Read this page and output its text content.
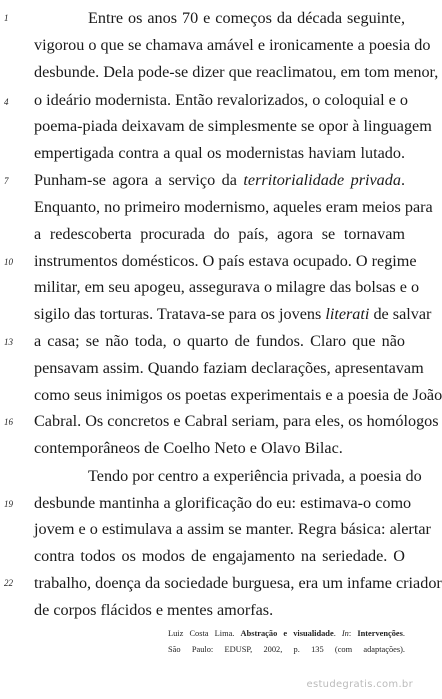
1
4
7
10
13
16
19
22
Entre os anos 70 e começos da década seguinte,
vigorou o que se chamava amável e ironicamente a poesia do
desbunde. Dela pode-se dizer que reaclimatou, em tom menor,
o ideário modernista. Então revalorizados, o coloquial e o
poema-piada deixavam de simplesmente se opor à linguagem
empertigada contra a qual os modernistas haviam lutado.
Punham-se agora a serviço da territorialidade privada.
Enquanto, no primeiro modernismo, aqueles eram meios para
a redescoberta procurada do país, agora se tornavam
instrumentos domésticos. O país estava ocupado. O regime
militar, em seu apogeu, assegurava o milagre das bolsas e o
sigilo das torturas. Tratava-se para os jovens literati de salvar
a casa; se não toda, o quarto de fundos. Claro que não
pensavam assim. Quando faziam declarações, apresentavam
como seus inimigos os poetas experimentais e a poesia de João
Cabral. Os concretos e Cabral seriam, para eles, os homólogos
contemporâneos de Coelho Neto e Olavo Bilac.
Tendo por centro a experiência privada, a poesia do
desbunde mantinha a glorificação do eu: estimava-o como
jovem e o estimulava a assim se manter. Regra básica: alertar
contra todos os modos de engajamento na seriedade. O
trabalho, doença da sociedade burguesa, era um infame criador
de corpos flácidos e mentes amorfas.
Luiz Costa Lima. Abstração e visualidade. In: Intervenções.
São Paulo: EDUSP, 2002, p. 135 (com adaptações).
estudegratis.com.br
